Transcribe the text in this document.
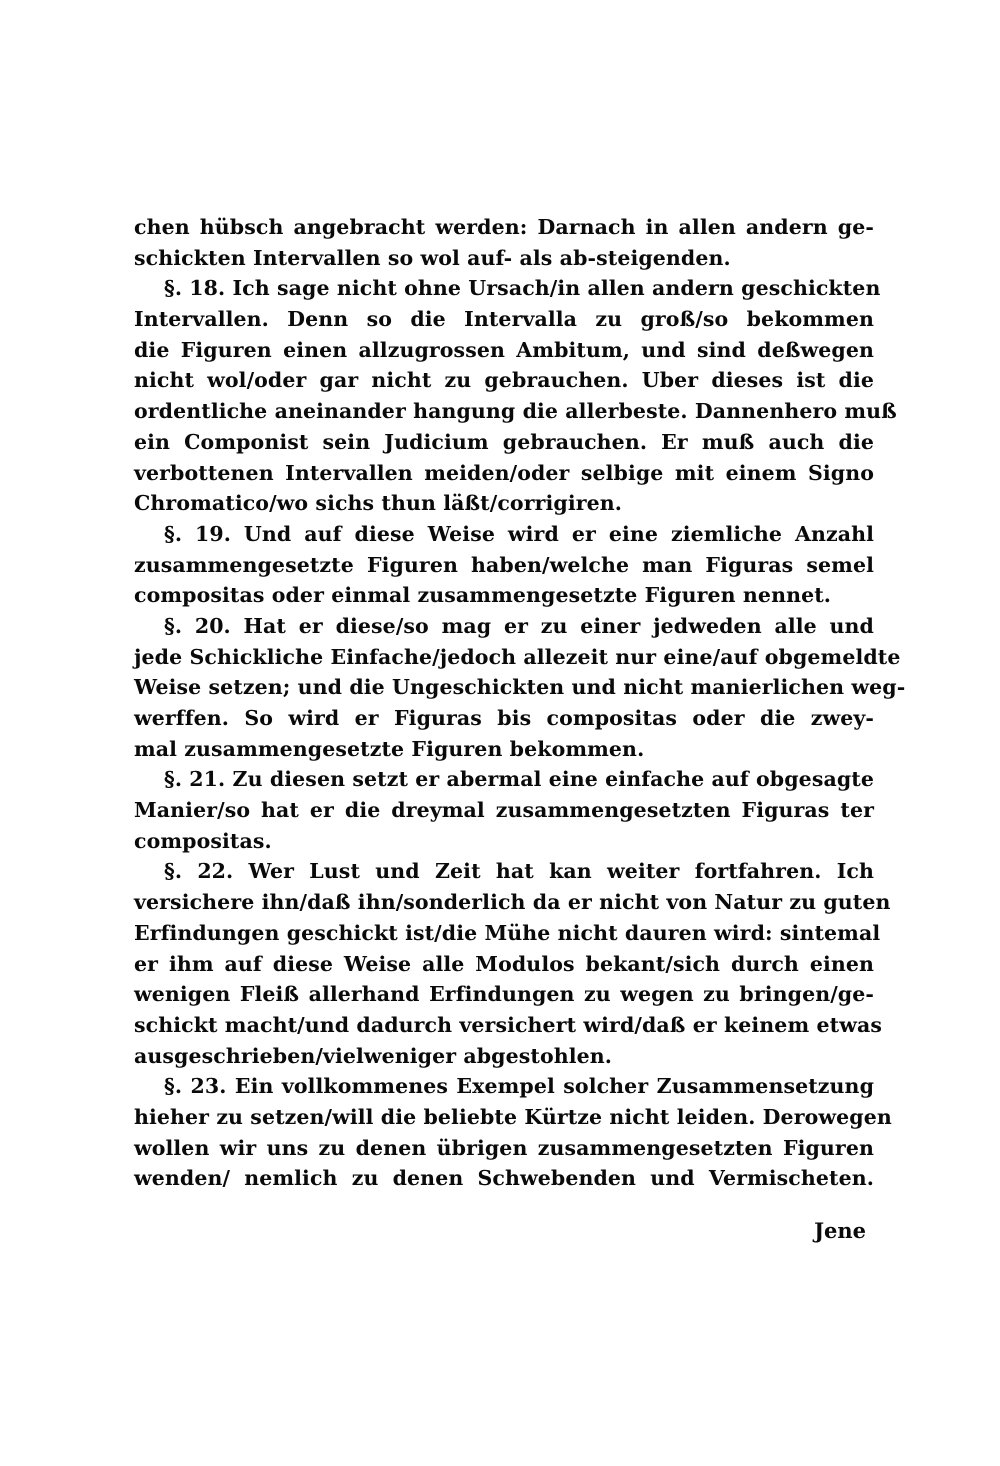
chen hübsch angebracht werden: Darnach in allen andern ge-
schickten Intervallen so wol auf- als ab-steigenden.
§. 18. Ich sage nicht ohne Ursach/in allen andern geschickten
Intervallen. Denn so die Intervalla zu groß/so bekommen
die Figuren einen allzugrossen Ambitum, und sind deßwegen
nicht wol/oder gar nicht zu gebrauchen. Uber dieses ist die
ordentliche aneinander hangung die allerbeste. Dannenhero muß
ein Componist sein Judicium gebrauchen. Er muß auch die
verbottenen Intervallen meiden/oder selbige mit einem Signo
Chromatico/wo sichs thun läßt/corrigiren.
§. 19. Und auf diese Weise wird er eine ziemliche Anzahl
zusammengesetzte Figuren haben/welche man Figuras semel
compositas oder einmal zusammengesetzte Figuren nennet.
§. 20. Hat er diese/so mag er zu einer jedweden alle und
jede Schickliche Einfache/jedoch allezeit nur eine/auf obgemeldte
Weise setzen; und die Ungeschickten und nicht manierlichen weg-
werffen. So wird er Figuras bis compositas oder die zwey-
mal zusammengesetzte Figuren bekommen.
§. 21. Zu diesen setzt er abermal eine einfache auf obgesagte
Manier/so hat er die dreymal zusammengesetzten Figuras ter
compositas.
§. 22. Wer Lust und Zeit hat kan weiter fortfahren. Ich
versichere ihn/daß ihn/sonderlich da er nicht von Natur zu guten
Erfindungen geschickt ist/die Mühe nicht dauren wird: sintemal
er ihm auf diese Weise alle Modulos bekant/sich durch einen
wenigen Fleiß allerhand Erfindungen zu wegen zu bringen/ge-
schickt macht/und dadurch versichert wird/daß er keinem etwas
ausgeschrieben/vielweniger abgestohlen.
§. 23. Ein vollkommenes Exempel solcher Zusammensetzung
hieher zu setzen/will die beliebte Kürtze nicht leiden. Derowegen
wollen wir uns zu denen übrigen zusammengesetzten Figuren
wenden/ nemlich zu denen Schwebenden und Vermischeten.
Jene
